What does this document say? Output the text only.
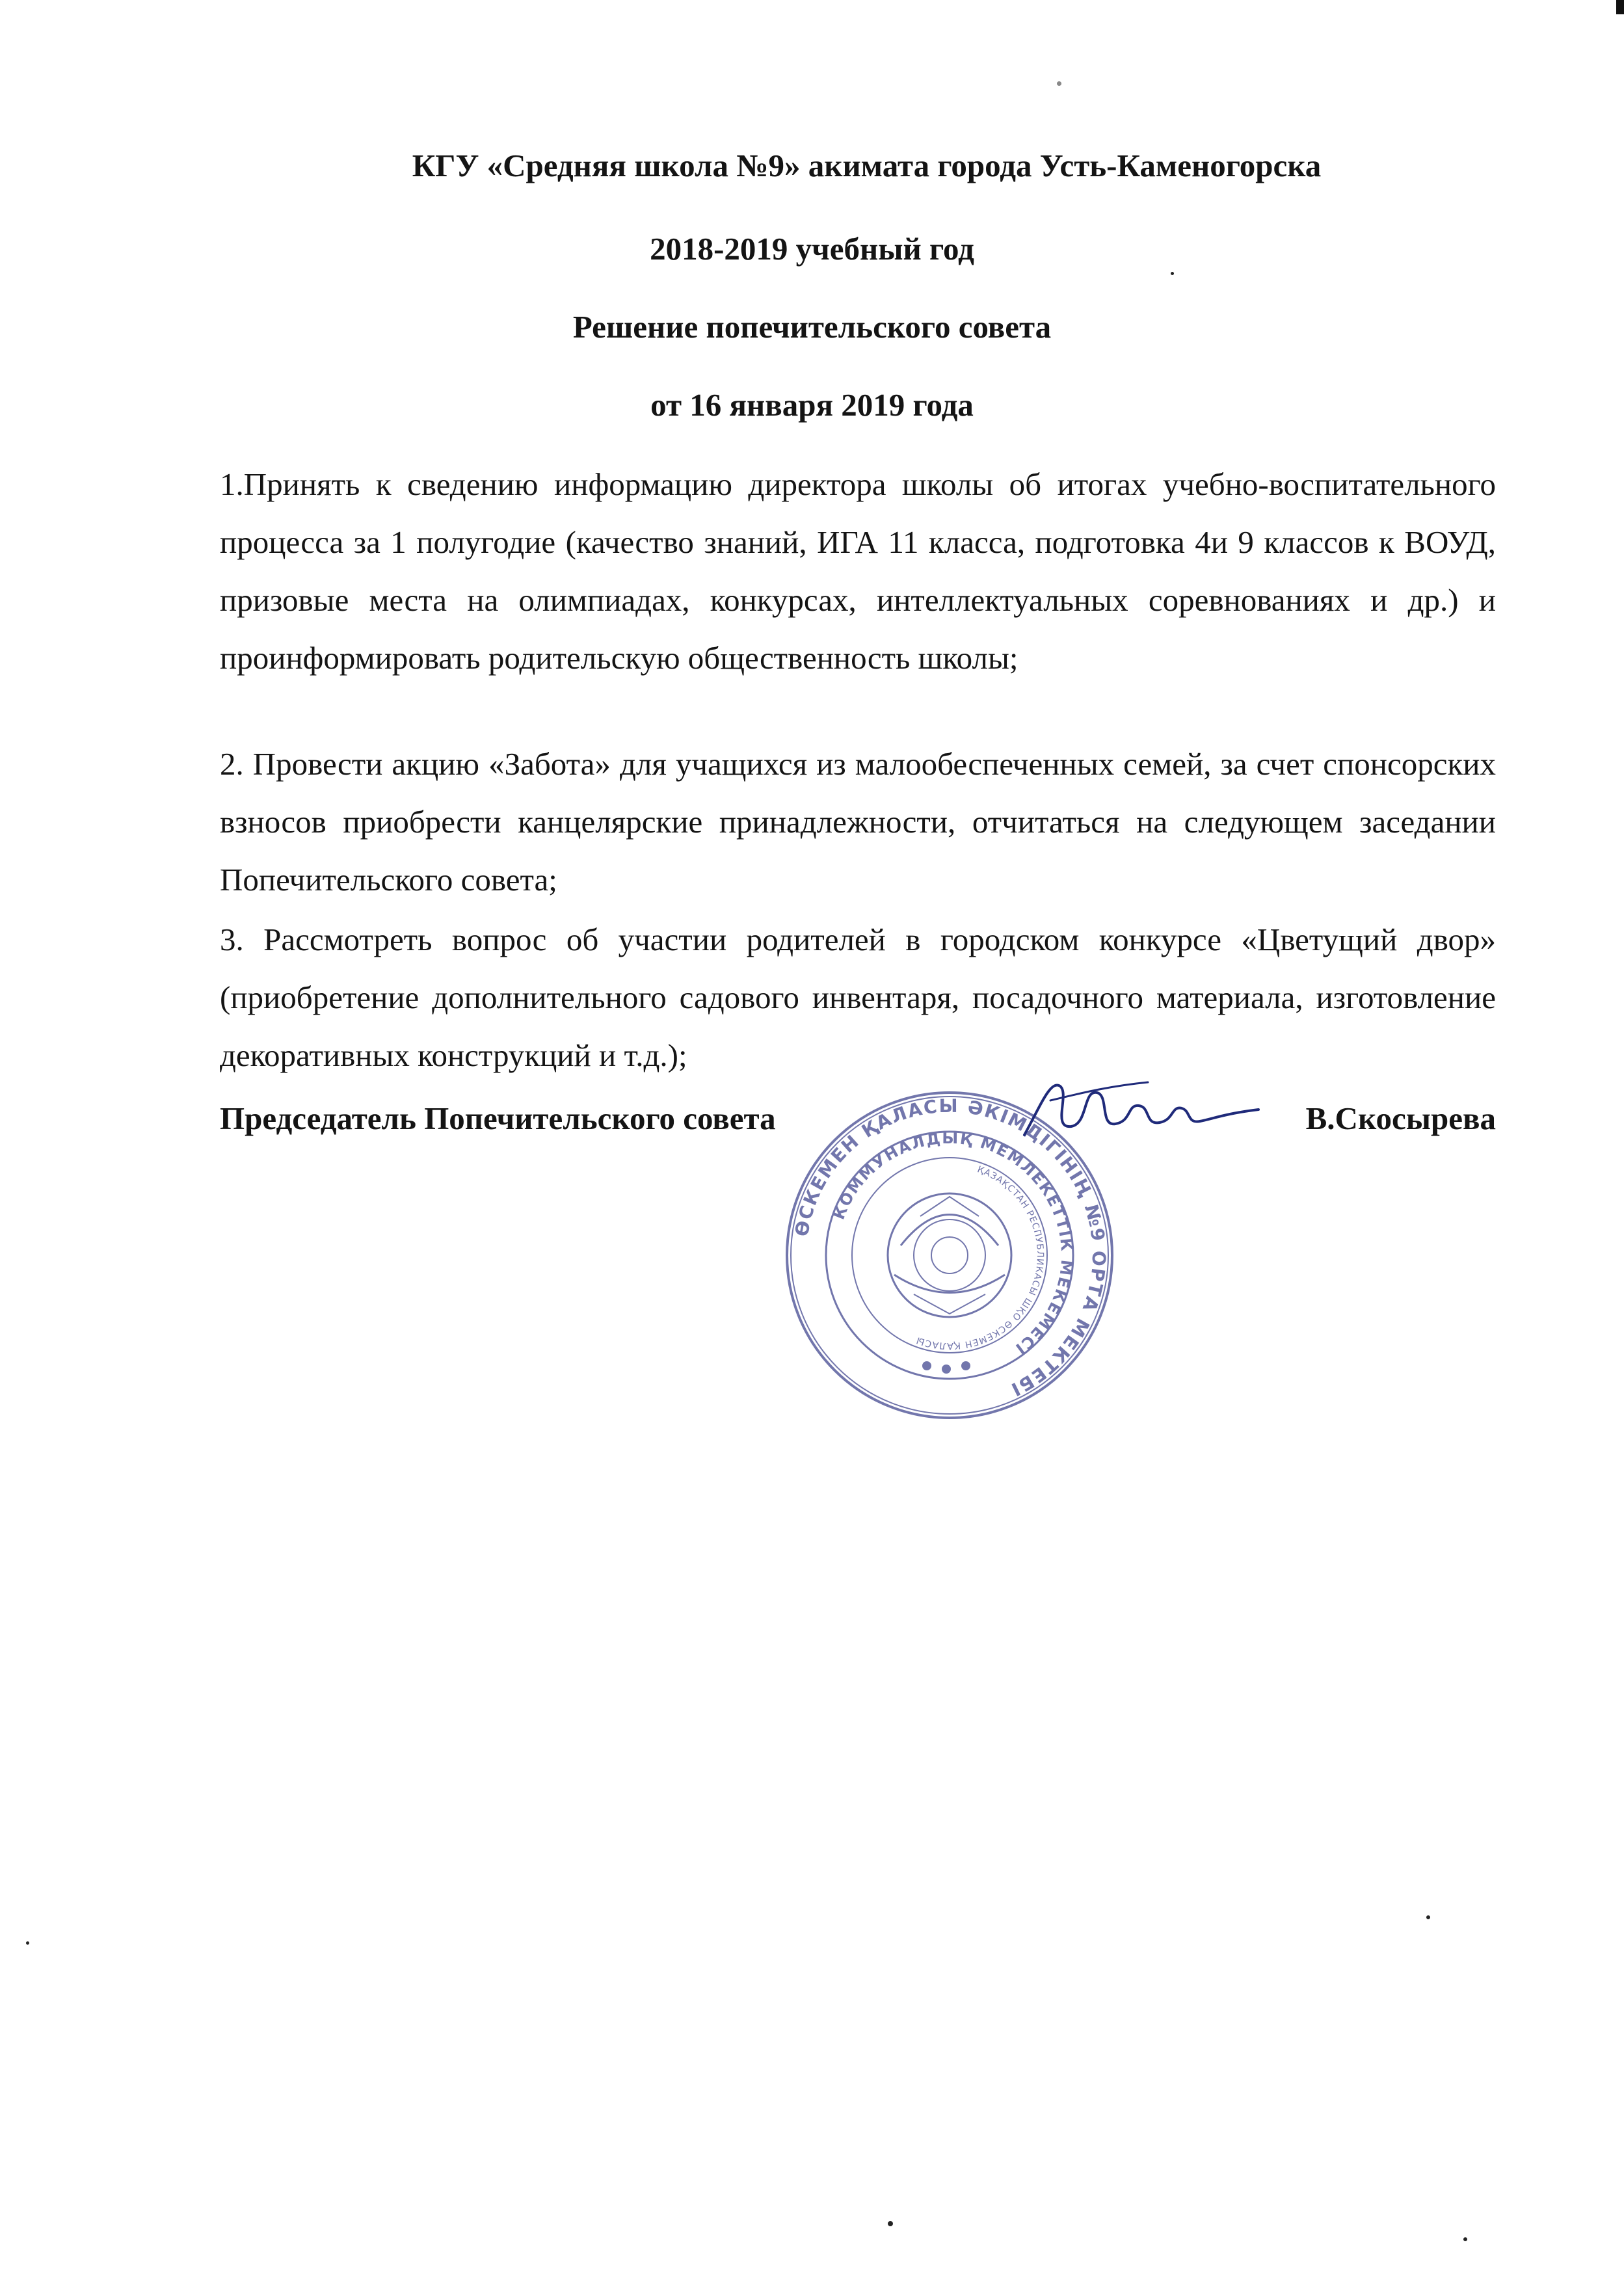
КГУ «Средняя школа №9» акимата города Усть-Каменогорска
2018-2019 учебный год
Решение попечительского совета
от 16 января 2019 года

1.Принять к сведению информацию директора школы об итогах учебно-воспитательного процесса за 1 полугодие (качество знаний, ИГА 11 класса, подготовка 4и 9 классов к ВОУД, призовые места на олимпиадах, конкурсах, интеллектуальных соревнованиях и др.) и проинформировать родительскую общественность школы;

2. Провести акцию «Забота» для учащихся из малообеспеченных семей, за счет спонсорских взносов приобрести канцелярские принадлежности, отчитаться на следующем заседании Попечительского совета;

3. Рассмотреть вопрос об участии родителей в городском конкурсе «Цветущий двор» (приобретение дополнительного садового инвентаря, посадочного материала, изготовление декоративных конструкций и т.д.);

ӨСКЕМЕН ҚАЛАСЫ ӘКІМДІГІНІҢ №9 ОРТА МЕКТЕБІ
КОММУНАЛДЫҚ МЕМЛЕКЕТТІК МЕКЕМЕСІ
ҚАЗАҚСТАН РЕСПУБЛИКАСЫ ШҚО ӨСКЕМЕН ҚАЛАСЫ
Председатель Попечительского совета	В.Скосырева
